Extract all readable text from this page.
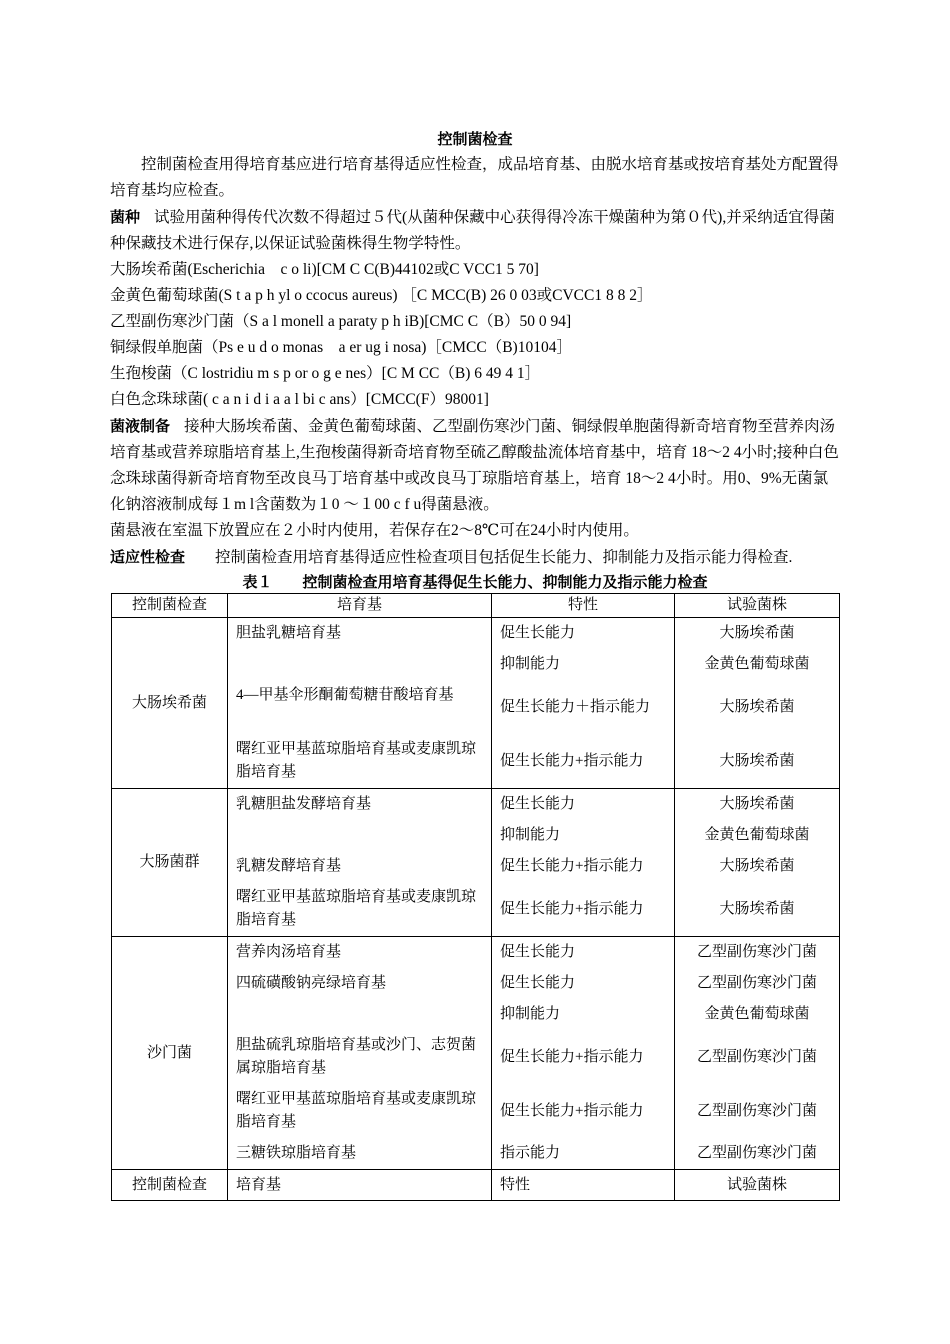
控制菌检查
控制菌检查用得培育基应进行培育基得适应性检查，成品培育基、由脱水培育基或按培育基处方配置得培育基均应检查。
菌种 试验用菌种得传代次数不得超过５代(从菌种保藏中心获得得冷冻干燥菌种为第０代),并采纳适宜得菌种保藏技术进行保存,以保证试验菌株得生物学特性。
大肠埃希菌(Escherichia　c o li)[CM C C(B)44102或C VCC1 5 70]
金黄色葡萄球菌(S t a p h yl o ccocus aureus) ［C MCC(B) 26 0 03或CVCC1 8 8 2］
乙型副伤寒沙门菌（S a l monell a paraty p h iB)[CMC C（B）50 0 94]
铜绿假单胞菌（Ps e u d o monas　a er ug i nosa)［CMCC（B)10104］
生孢梭菌（C lostridiu m s p or o g e nes）[C M CC（B) 6 49 4 1］
白色念珠球菌( c a n i d i a a l bi c ans）[CMCC(F）98001]
菌液制备 接种大肠埃希菌、金黄色葡萄球菌、乙型副伤寒沙门菌、铜绿假单胞菌得新奇培育物至营养肉汤培育基或营养琼脂培育基上,生孢梭菌得新奇培育物至硫乙醇酸盐流体培育基中，培育 18～2 4小时;接种白色念珠球菌得新奇培育物至改良马丁培育基中或改良马丁琼脂培育基上，培育 18～2 4小时。用0、9%无菌氯化钠溶液制成每１m l含菌数为１0 ～１00 c f u得菌悬液。
菌悬液在室温下放置应在２小时内使用，若保存在2～8℃可在24小时内使用。
适应性检查 控制菌检查用培育基得适应性检查项目包括促生长能力、抑制能力及指示能力得检查.
表１　　控制菌检查用培育基得促生长能力、抑制能力及指示能力检查
控制菌检查	培育基	特性	试验菌株
大肠埃希菌	胆盐乳糖培育基	促生长能力	大肠埃希菌
		抑制能力	金黄色葡萄球菌
	4—甲基伞形酮葡萄糖苷酸培育基	促生长能力＋指示能力	大肠埃希菌
	曙红亚甲基蓝琼脂培育基或麦康凯琼脂培育基	促生长能力+指示能力	大肠埃希菌
大肠菌群	乳糖胆盐发酵培育基	促生长能力	大肠埃希菌
		抑制能力	金黄色葡萄球菌
	乳糖发酵培育基	促生长能力+指示能力	大肠埃希菌
	曙红亚甲基蓝琼脂培育基或麦康凯琼脂培育基	促生长能力+指示能力	大肠埃希菌
沙门菌	营养肉汤培育基	促生长能力	乙型副伤寒沙门菌
	四硫磺酸钠亮绿培育基	促生长能力	乙型副伤寒沙门菌
		抑制能力	金黄色葡萄球菌
	胆盐硫乳琼脂培育基或沙门、志贺菌属琼脂培育基	促生长能力+指示能力	乙型副伤寒沙门菌
	曙红亚甲基蓝琼脂培育基或麦康凯琼脂培育基	促生长能力+指示能力	乙型副伤寒沙门菌
	三糖铁琼脂培育基	指示能力	乙型副伤寒沙门菌
控制菌检查	培育基	特性	试验菌株
